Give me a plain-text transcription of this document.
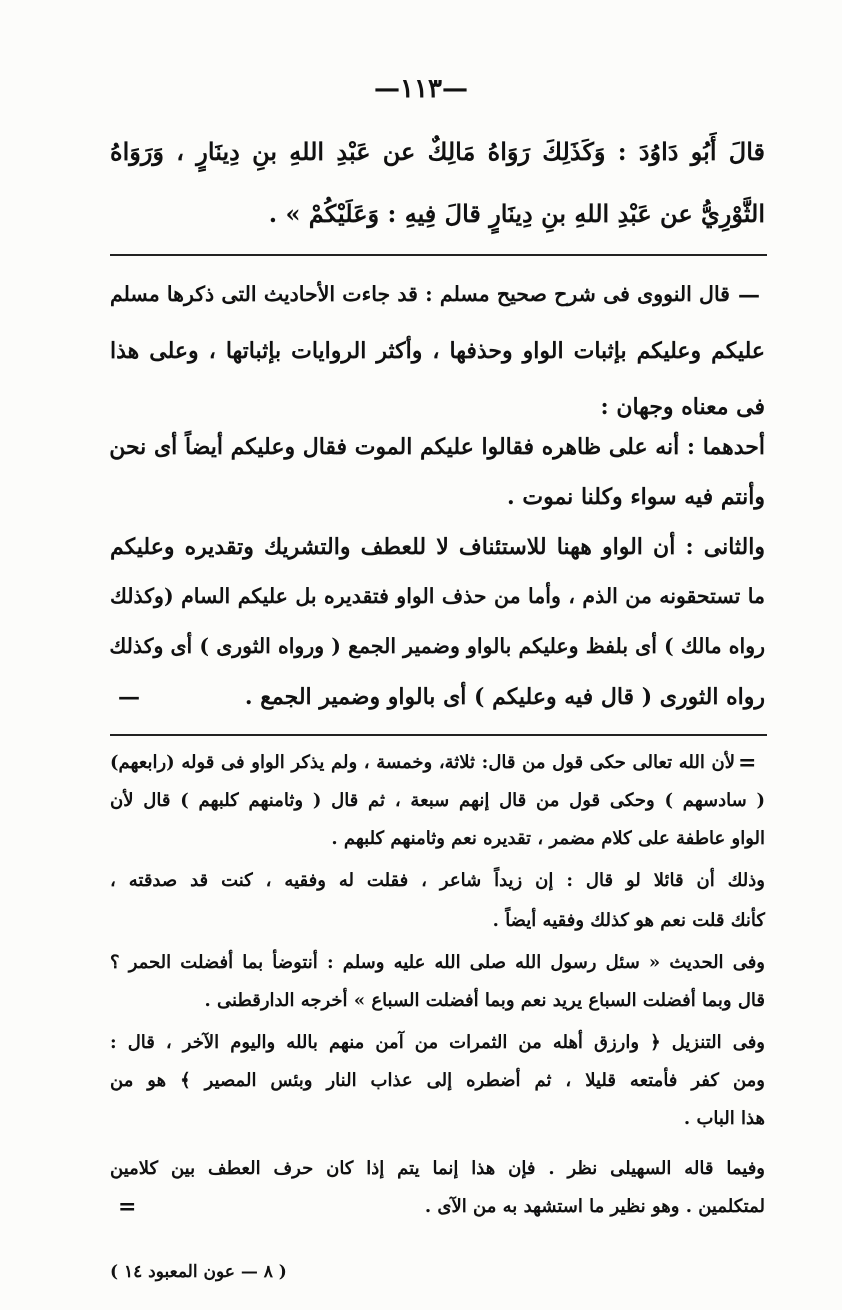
—١١٣—
قالَ أَبُو دَاوُدَ : وَكَذَلِكَ رَوَاهُ مَالِكٌ عن عَبْدِ اللهِ بنِ دِينَارٍ ، وَرَوَاهُ
الثَّوْرِيُّ عن عَبْدِ اللهِ بنِ دِينَارٍ قالَ فِيهِ : وَعَلَيْكُمْ » .
—
قال النووى فى شرح صحيح مسلم : قد جاءت الأحاديث التى ذكرها مسلم
عليكم وعليكم بإثبات الواو وحذفها ، وأكثر الروايات بإثباتها ، وعلى هذا
فى معناه وجهان :
أحدهما : أنه على ظاهره فقالوا عليكم الموت فقال وعليكم أيضاً أى نحن
وأنتم فيه سواء وكلنا نموت .
والثانى : أن الواو ههنا للاستئناف لا للعطف والتشريك وتقديره وعليكم
ما تستحقونه من الذم ، وأما من حذف الواو فتقديره بل عليكم السام (وكذلك
رواه مالك ) أى بلفظ وعليكم بالواو وضمير الجمع ( ورواه الثورى ) أى وكذلك
رواه الثورى ( قال فيه وعليكم ) أى بالواو وضمير الجمع .
—
=
لأن الله تعالى حكى قول من قال: ثلاثة، وخمسة ، ولم يذكر الواو فى قوله (رابعهم)
( سادسهم ) وحكى قول من قال إنهم سبعة ، ثم قال ( وثامنهم كلبهم ) قال لأن
الواو عاطفة على كلام مضمر ، تقديره نعم وثامنهم كلبهم .
وذلك أن قائلا لو قال : إن زيداً شاعر ، فقلت له وفقيه ، كنت قد صدقته ،
كأنك قلت نعم هو كذلك وفقيه أيضاً .
وفى الحديث « سئل رسول الله صلى الله عليه وسلم : أنتوضأ بما أفضلت الحمر ؟
قال وبما أفضلت السباع يريد نعم وبما أفضلت السباع » أخرجه الدارقطنى .
وفى التنزيل ﴿ وارزق أهله من الثمرات من آمن منهم بالله واليوم الآخر ، قال :
ومن كفر فأمتعه قليلا ، ثم أضطره إلى عذاب النار وبئس المصير ﴾ هو من
هذا الباب .
وفيما قاله السهيلى نظر . فإن هذا إنما يتم إذا كان حرف العطف بين كلامين
لمتكلمين . وهو نظير ما استشهد به من الآى .
=
( ٨ — عون المعبود ١٤ )
